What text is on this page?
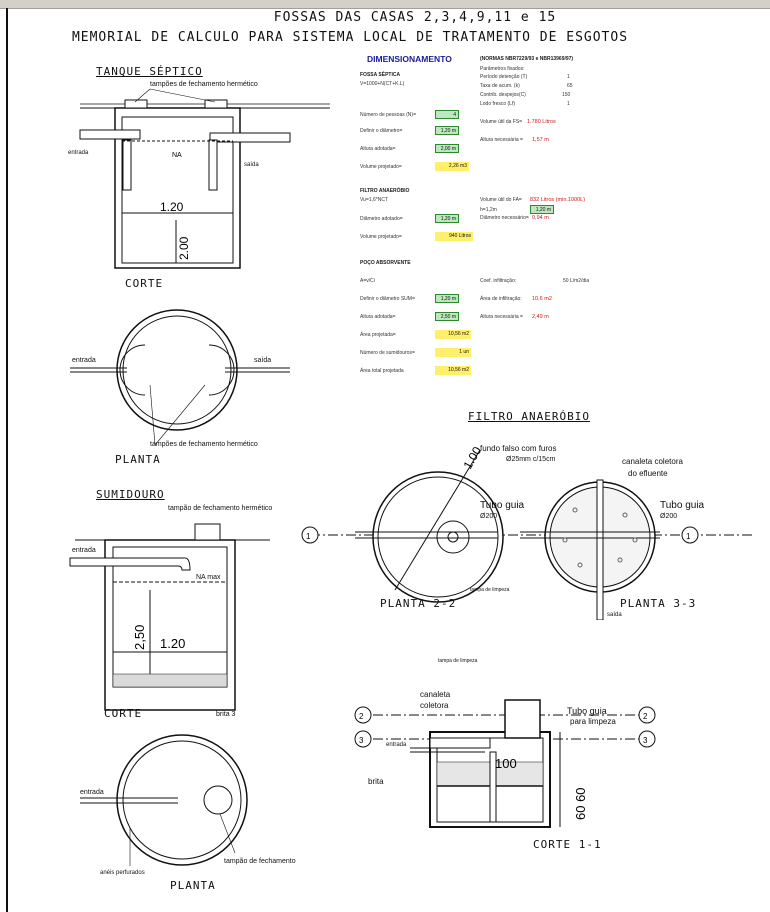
FOSSAS DAS CASAS 2,3,4,9,11 e 15
MEMORIAL DE CALCULO PARA SISTEMA LOCAL DE TRATAMENTO DE ESGOTOS
TANQUE SÉPTICO
NA
1.20
2.00
tampões de fechamento hermético
entrada
saída
CORTE
entrada	saída
tampões de fechamento hermético
PLANTA
DIMENSIONAMENTO	(NORMAS NBR7229/93 e NBR13969/97)
FOSSA SÉPTICA
V=1000+N(CT+K.L)
Parâmetros fixados:
Período detenção (T)	1
Taxa de acum. (k)	65
Contrib. despejos(C)	150
Lodo fresco (Lf)	1
Número de pessoas (N)=	4
Definir o diâmetro=	1,20 m
Altura adotada=	2,00 m
Volume projetado=	2,26 m3
Volume útil da FS= 1.780 Litros
Altura necessária = 1,57 m
FILTRO ANAERÓBIO
Vu=1,6*NCT
Diâmetro adotado=	1,20 m
Volume projetado=	940 Litros
Volume útil do FA= 832 Litros (min.1000L)
h=1,2m	1,20 m
Diâmetro necessário= 0,94 m
POÇO ABSORVENTE
A=v/Ci	Coef. infiltração:	50 L/m2/dia
Definir o diâmetro SUM=	1,20 m	Área de infiltração: 10,6 m2
Altura adotada=	2,50 m	Altura necessária = 2,49 m
Área projetada=	10,56 m2
Número de sumidouros=	1 un
Área total projetada	10,56 m2
FILTRO ANAERÓBIO
1	1
1.00
fundo falso com furos
Ø25mm c/15cm	canaleta coletora
do efluente
Tubo guia
Ø200
Tubo guia
Ø200
tampa de limpeza
PLANTA 2-2	PLANTA 3-3
saída
100
60 60
2
3
2
3
tampa de limpeza
canaleta
coletora
Tubo guia
para limpeza
entrada
brita
CORTE 1-1
SUMIDOURO
tampão de fechamento hermético
2,50 1.20
entrada
NA max
CORTE	brita 3
entrada
tampão de fechamento
anéis perfurados
PLANTA
